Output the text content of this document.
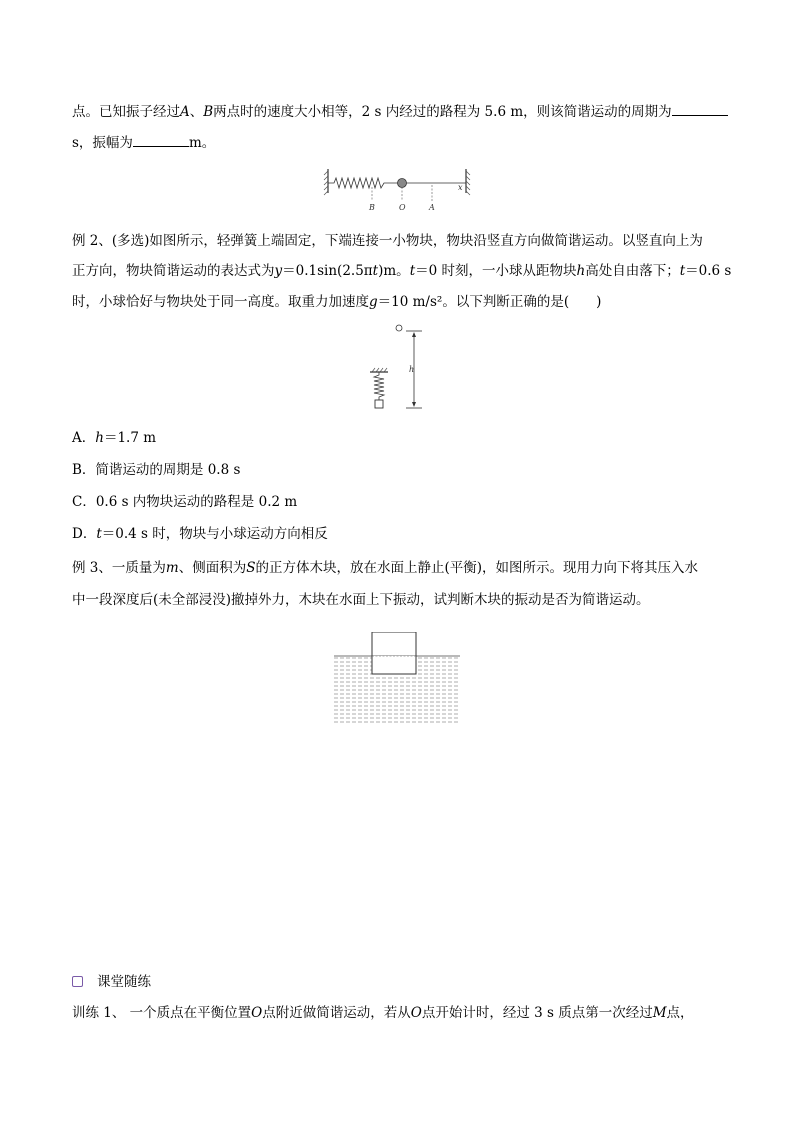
点。已知振子经过A、B两点时的速度大小相等，2 s 内经过的路程为 5.6 m，则该简谐运动的周期为
s，振幅为	m。
B	O	A
x
例 2、(多选)如图所示，轻弹簧上端固定，下端连接一小物块，物块沿竖直方向做简谐运动。以竖直向上为
正方向，物块简谐运动的表达式为y＝0.1sin(2.5πt)m。t＝0 时刻，一小球从距物块h高处自由落下；t＝0.6 s
时，小球恰好与物块处于同一高度。取重力加速度g＝10 m/s²。以下判断正确的是(　　)
h
A．h＝1.7 m
B．简谐运动的周期是 0.8 s
C．0.6 s 内物块运动的路程是 0.2 m
D．t＝0.4 s 时，物块与小球运动方向相反
例 3、一质量为m、侧面积为S的正方体木块，放在水面上静止(平衡)，如图所示。现用力向下将其压入水
中一段深度后(未全部浸没)撤掉外力，木块在水面上下振动，试判断木块的振动是否为简谐运动。
课堂随练
训练 1、 一个质点在平衡位置O点附近做简谐运动，若从O点开始计时，经过 3 s 质点第一次经过M点，
